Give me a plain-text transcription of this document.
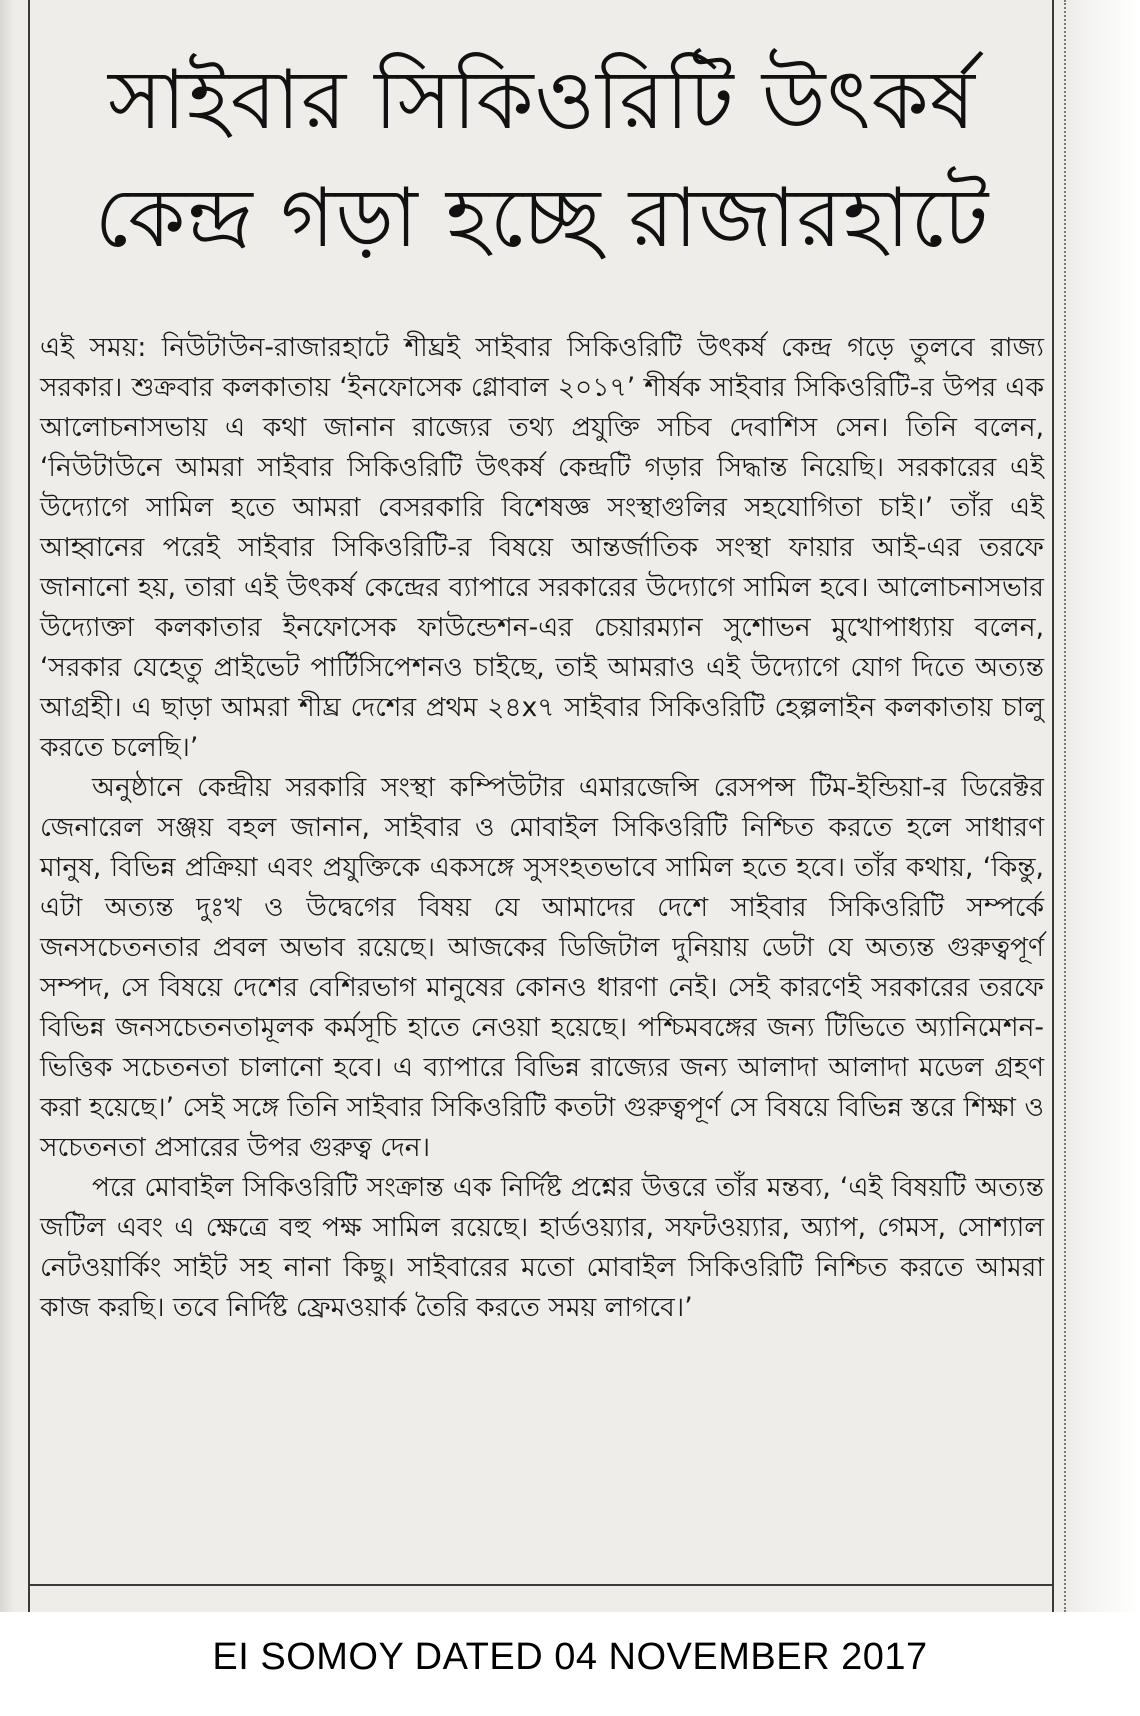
সাইবার সিকিওরিটি উৎকর্ষ
কেন্দ্র গড়া হচ্ছে রাজারহাটে

এই সময়: নিউটাউন-রাজারহাটে শীঘ্রই সাইবার সিকিওরিটি উৎকর্ষ কেন্দ্র গড়ে তুলবে রাজ্য সরকার। শুক্রবার কলকাতায় ‘ইনফোসেক গ্লোবাল ২০১৭’ শীর্ষক সাইবার সিকিওরিটি-র উপর এক আলোচনাসভায় এ কথা জানান রাজ্যের তথ্য প্রযুক্তি সচিব দেবাশিস সেন। তিনি বলেন, ‘নিউটাউনে আমরা সাইবার সিকিওরিটি উৎকর্ষ কেন্দ্রটি গড়ার সিদ্ধান্ত নিয়েছি। সরকারের এই উদ্যোগে সামিল হতে আমরা বেসরকারি বিশেষজ্ঞ সংস্থাগুলির সহযোগিতা চাই।’ তাঁর এই আহ্বানের পরেই সাইবার সিকিওরিটি-র বিষয়ে আন্তর্জাতিক সংস্থা ফায়ার আই-এর তরফে জানানো হয়, তারা এই উৎকর্ষ কেন্দ্রের ব্যাপারে সরকারের উদ্যোগে সামিল হবে। আলোচনাসভার উদ্যোক্তা কলকাতার ইনফোসেক ফাউন্ডেশন-এর চেয়ারম্যান সুশোভন মুখোপাধ্যায় বলেন, ‘সরকার যেহেতু প্রাইভেট পার্টিসিপেশনও চাইছে, তাই আমরাও এই উদ্যোগে যোগ দিতে অত্যন্ত আগ্রহী। এ ছাড়া আমরা শীঘ্র দেশের প্রথম ২৪x৭ সাইবার সিকিওরিটি হেল্পলাইন কলকাতায় চালু করতে চলেছি।’

অনুষ্ঠানে কেন্দ্রীয় সরকারি সংস্থা কম্পিউটার এমারজেন্সি রেসপন্স টিম-ইন্ডিয়া-র ডিরেক্টর জেনারেল সঞ্জয় বহল জানান, সাইবার ও মোবাইল সিকিওরিটি নিশ্চিত করতে হলে সাধারণ মানুষ, বিভিন্ন প্রক্রিয়া এবং প্রযুক্তিকে একসঙ্গে সুসংহতভাবে সামিল হতে হবে। তাঁর কথায়, ‘কিন্তু, এটা অত্যন্ত দুঃখ ও উদ্বেগের বিষয় যে আমাদের দেশে সাইবার সিকিওরিটি সম্পর্কে জনসচেতনতার প্রবল অভাব রয়েছে। আজকের ডিজিটাল দুনিয়ায় ডেটা যে অত্যন্ত গুরুত্বপূর্ণ সম্পদ, সে বিষয়ে দেশের বেশিরভাগ মানুষের কোনও ধারণা নেই। সেই কারণেই সরকারের তরফে বিভিন্ন জনসচেতনতামূলক কর্মসূচি হাতে নেওয়া হয়েছে। পশ্চিমবঙ্গের জন্য টিভিতে অ্যানিমেশন-ভিত্তিক সচেতনতা চালানো হবে। এ ব্যাপারে বিভিন্ন রাজ্যের জন্য আলাদা আলাদা মডেল গ্রহণ করা হয়েছে।’ সেই সঙ্গে তিনি সাইবার সিকিওরিটি কতটা গুরুত্বপূর্ণ সে বিষয়ে বিভিন্ন স্তরে শিক্ষা ও সচেতনতা প্রসারের উপর গুরুত্ব দেন।

পরে মোবাইল সিকিওরিটি সংক্রান্ত এক নির্দিষ্ট প্রশ্নের উত্তরে তাঁর মন্তব্য, ‘এই বিষয়টি অত্যন্ত জটিল এবং এ ক্ষেত্রে বহু পক্ষ সামিল রয়েছে। হার্ডওয়্যার, সফটওয়্যার, অ্যাপ, গেমস, সোশ্যাল নেটওয়ার্কিং সাইট সহ নানা কিছু। সাইবারের মতো মোবাইল সিকিওরিটি নিশ্চিত করতে আমরা কাজ করছি। তবে নির্দিষ্ট ফ্রেমওয়ার্ক তৈরি করতে সময় লাগবে।’

EI SOMOY DATED 04 NOVEMBER 2017
